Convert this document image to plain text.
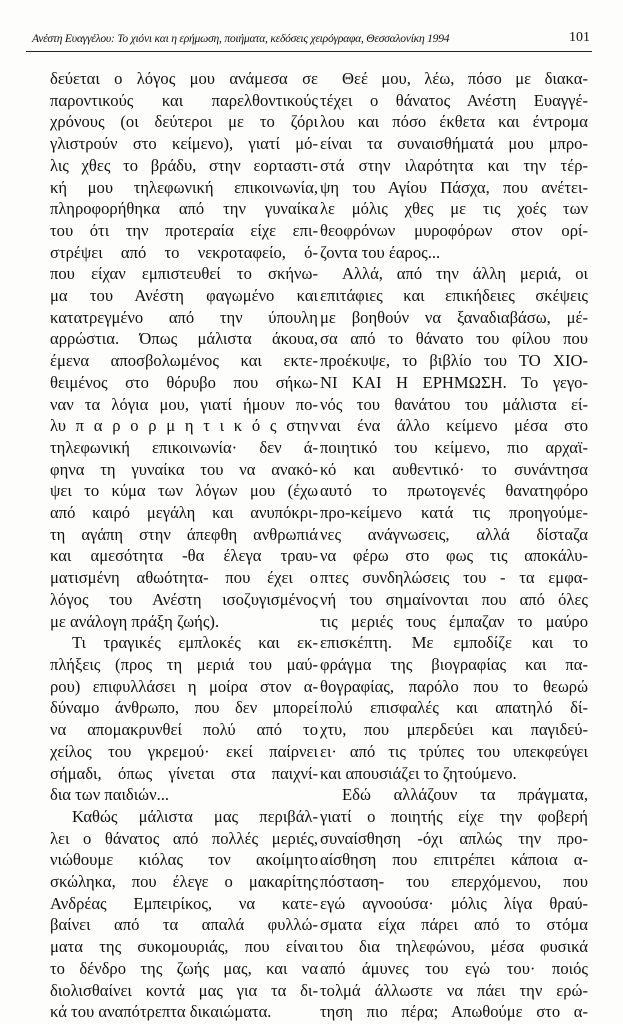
Ανέστη Ευαγγέλου: Το χιόνι και η ερήμωση, ποιήματα, κεδόσεις χειρόγραφα, Θεσσαλονίκη 1994	101
δεύεται ο λόγος μου ανάμεσα σε
παροντικούς και παρελθοντικούς
χρόνους (οι δεύτεροι με το ζόρι
γλιστρούν στο κείμενο), γιατί μό-
λις χθες το βράδυ, στην εορταστι-
κή μου τηλεφωνική επικοινωνία,
πληροφορήθηκα από την γυναίκα
του ότι την προτεραία είχε επι-
στρέψει από το νεκροταφείο, ό-
που είχαν εμπιστευθεί το σκήνω-
μα του Ανέστη φαγωμένο και
κατατρεγμένο από την ύπουλη
αρρώστια. Όπως μάλιστα άκουα,
έμενα αποσβολωμένος και εκτε-
θειμένος στο θόρυβο που σήκω-
ναν τα λόγια μου, γιατί ήμουν πο-
λυ π α ρ ο ρ μ η τ ι κ ό ς στην
τηλεφωνική επικοινωνία· δεν ά-
φηνα τη γυναίκα του να ανακό-
ψει το κύμα των λόγων μου (έχω
από καιρό μεγάλη και ανυπόκρι-
τη αγάπη στην άπεφθη ανθρωπιά
και αμεσότητα -θα έλεγα τραυ-
ματισμένη αθωότητα- που έχει ο
λόγος του Ανέστη ισοζυγισμένος
με ανάλογη πράξη ζωής).
Τι τραγικές εμπλοκές και εκ-
πλήξεις (προς τη μεριά του μαύ-
ρου) επιφυλλάσει η μοίρα στον α-
δύναμο άνθρωπο, που δεν μπορεί
να απομακρυνθεί πολύ από το
χείλος του γκρεμού· εκεί παίρνει
σήμαδι, όπως γίνεται στα παιχνί-
δια των παιδιών...
Καθώς μάλιστα μας περιβάλ-
λει ο θάνατος από πολλές μεριές,
νιώθουμε κιόλας τον ακοίμητο
σκώληκα, που έλεγε ο μακαρίτης
Ανδρέας Εμπειρίκος, να κατε-
βαίνει από τα απαλά φυλλώ-
ματα της συκομουριάς, που είναι
το δένδρο της ζωής μας, και να
διολισθαίνει κοντά μας για τα δι-
κά του αναπότρεπτα δικαιώματα.
Θεέ μου, λέω, πόσο με διακα-
τέχει ο θάνατος Ανέστη Ευαγγέ-
λου και πόσο έκθετα και έντρομα
είναι τα συναισθήματά μου μπρο-
στά στην ιλαρότητα και την τέρ-
ψη του Αγίου Πάσχα, που ανέτει-
λε μόλις χθες με τις χοές των
θεοφρόνων μυροφόρων στον ορί-
ζοντα του έαρος...
Αλλά, από την άλλη μεριά, οι
επιτάφιες και επικήδειες σκέψεις
με βοηθούν να ξαναδιαβάσω, μέ-
σα από το θάνατο του φίλου που
προέκυψε, το βιβλίο του ΤΟ ΧΙΟ-
ΝΙ ΚΑΙ Η ΕΡΗΜΩΣΗ. Το γεγο-
νός του θανάτου του μάλιστα εί-
ναι ένα άλλο κείμενο μέσα στο
ποιητικό του κείμενο, πιο αρχαϊ-
κό και αυθεντικό· το συνάντησα
αυτό το πρωτογενές θανατηφόρο
προ-κείμενο κατά τις προηγούμε-
νες ανάγνωσεις, αλλά δίσταζα
να φέρω στο φως τις αποκάλυ-
πτες συνδηλώσεις του - τα εμφα-
νή του σημαίνονται που από όλες
τις μεριές τους έμπαζαν το μαύρο
επισκέπτη. Με εμποδίζε και το
φράγμα της βιογραφίας και πα-
θογραφίας, παρόλο που το θεωρώ
πολύ επισφαλές και απατηλό δί-
χτυ, που μπερδεύει και παγιδεύ-
ει· από τις τρύπες του υπεκφεύγει
και απουσιάζει το ζητούμενο.
Εδώ αλλάζουν τα πράγματα,
γιατί ο ποιητής είχε την φοβερή
συναίσθηση -όχι απλώς την προ-
αίσθηση που επιτρέπει κάποια α-
πόσταση- του επερχόμενου, που
εγώ αγνοούσα· μόλις λίγα θραύ-
σματα είχα πάρει από το στόμα
του δια τηλεφώνου, μέσα φυσικά
από άμυνες του εγώ του· ποιός
τολμά άλλωστε να πάει την ερώ-
τηση πιο πέρα; Απωθούμε στο α-
